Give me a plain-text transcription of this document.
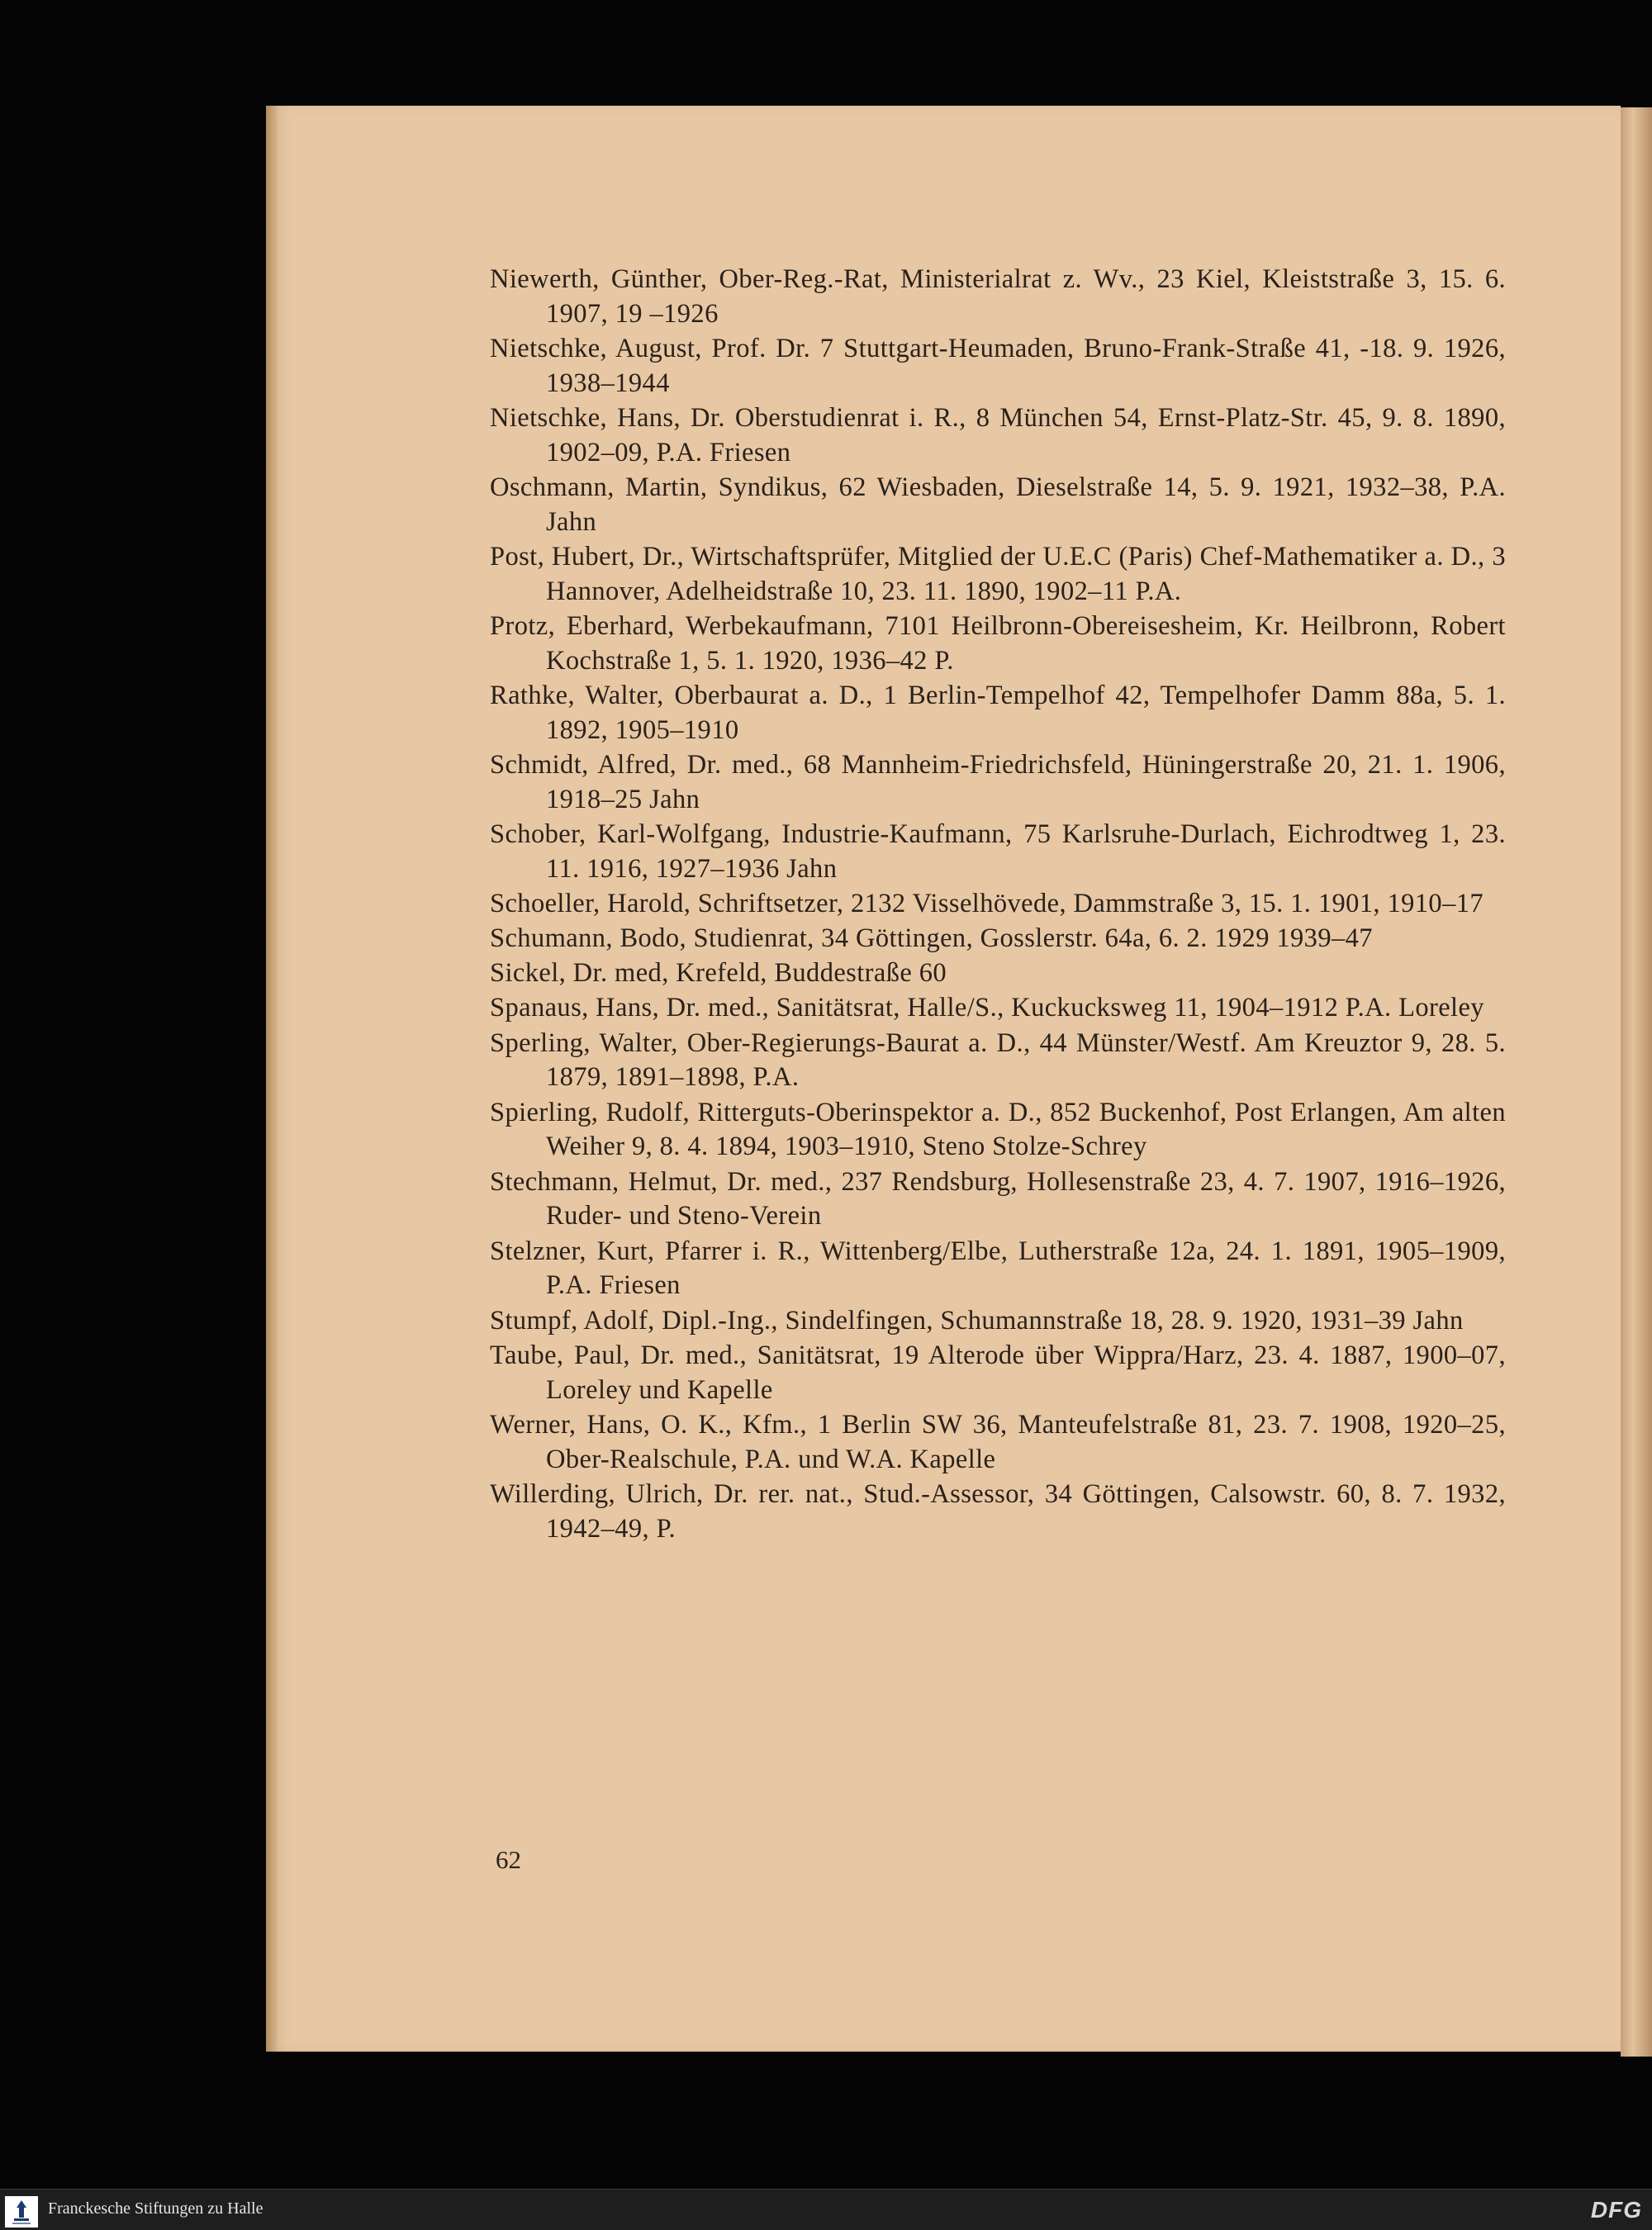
Niewerth, Günther, Ober-Reg.-Rat, Ministerialrat z. Wv., 23 Kiel, Kleiststraße 3, 15. 6. 1907, 19 –1926
Nietschke, August, Prof. Dr. 7 Stuttgart-Heumaden, Bruno-Frank-Straße 41, -18. 9. 1926, 1938–1944
Nietschke, Hans, Dr. Oberstudienrat i. R., 8 München 54, Ernst-Platz-Str. 45, 9. 8. 1890, 1902–09, P.A. Friesen
Oschmann, Martin, Syndikus, 62 Wiesbaden, Dieselstraße 14, 5. 9. 1921, 1932–38, P.A. Jahn
Post, Hubert, Dr., Wirtschaftsprüfer, Mitglied der U.E.C (Paris) Chef-Mathematiker a. D., 3 Hannover, Adelheidstraße 10, 23. 11. 1890, 1902–11 P.A.
Protz, Eberhard, Werbekaufmann, 7101 Heilbronn-Obereisesheim, Kr. Heilbronn, Robert Kochstraße 1, 5. 1. 1920, 1936–42 P.
Rathke, Walter, Oberbaurat a. D., 1 Berlin-Tempelhof 42, Tempelhofer Damm 88a, 5. 1. 1892, 1905–1910
Schmidt, Alfred, Dr. med., 68 Mannheim-Friedrichsfeld, Hüningerstraße 20, 21. 1. 1906, 1918–25 Jahn
Schober, Karl-Wolfgang, Industrie-Kaufmann, 75 Karlsruhe-Durlach, Eichrodtweg 1, 23. 11. 1916, 1927–1936 Jahn
Schoeller, Harold, Schriftsetzer, 2132 Visselhövede, Dammstraße 3, 15. 1. 1901, 1910–17
Schumann, Bodo, Studienrat, 34 Göttingen, Gosslerstr. 64a, 6. 2. 1929 1939–47
Sickel, Dr. med, Krefeld, Buddestraße 60
Spanaus, Hans, Dr. med., Sanitätsrat, Halle/S., Kuckucksweg 11, 1904–1912 P.A. Loreley
Sperling, Walter, Ober-Regierungs-Baurat a. D., 44 Münster/Westf. Am Kreuztor 9, 28. 5. 1879, 1891–1898, P.A.
Spierling, Rudolf, Ritterguts-Oberinspektor a. D., 852 Buckenhof, Post Erlangen, Am alten Weiher 9, 8. 4. 1894, 1903–1910, Steno Stolze-Schrey
Stechmann, Helmut, Dr. med., 237 Rendsburg, Hollesenstraße 23, 4. 7. 1907, 1916–1926, Ruder- und Steno-Verein
Stelzner, Kurt, Pfarrer i. R., Wittenberg/Elbe, Lutherstraße 12a, 24. 1. 1891, 1905–1909, P.A. Friesen
Stumpf, Adolf, Dipl.-Ing., Sindelfingen, Schumannstraße 18, 28. 9. 1920, 1931–39 Jahn
Taube, Paul, Dr. med., Sanitätsrat, 19 Alterode über Wippra/Harz, 23. 4. 1887, 1900–07, Loreley und Kapelle
Werner, Hans, O. K., Kfm., 1 Berlin SW 36, Manteufelstraße 81, 23. 7. 1908, 1920–25, Ober-Realschule, P.A. und W.A. Kapelle
Willerding, Ulrich, Dr. rer. nat., Stud.-Assessor, 34 Göttingen, Calsowstr. 60, 8. 7. 1932, 1942–49, P.
62
Franckesche Stiftungen zu Halle	DFG
